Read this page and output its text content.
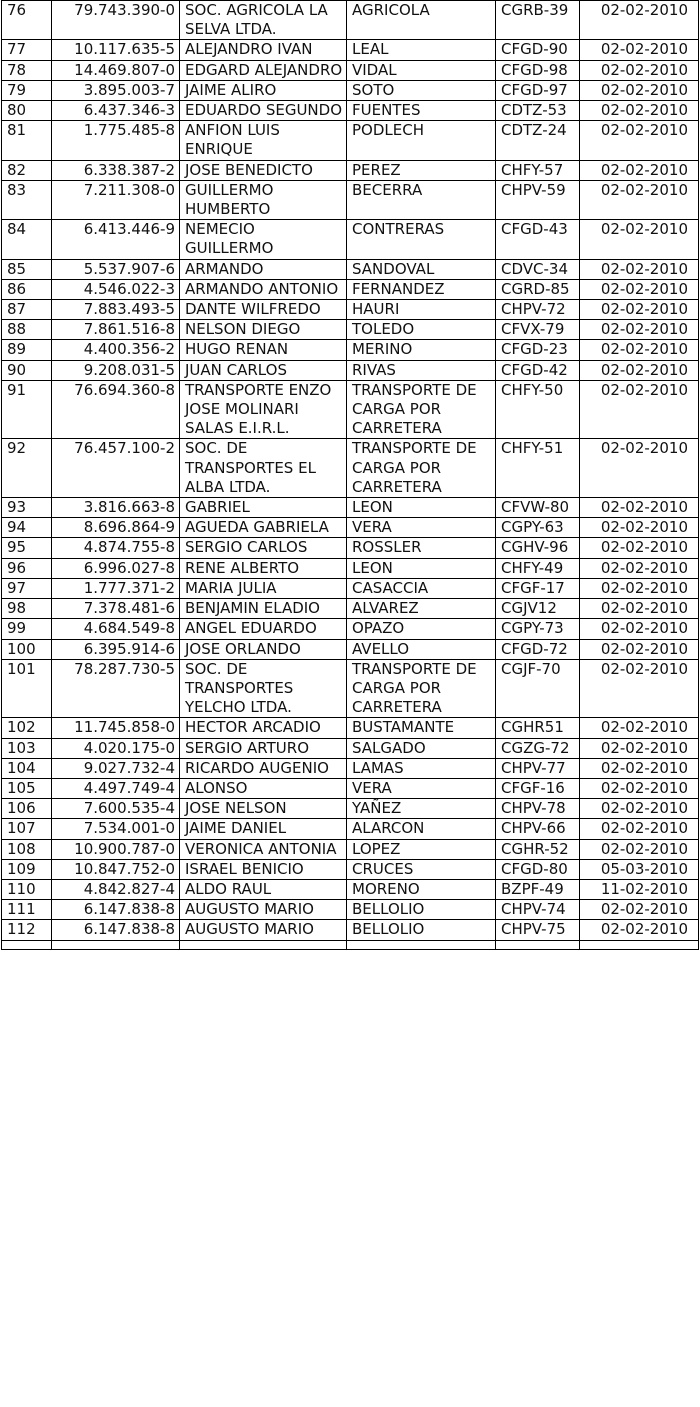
76	79.743.390-0	SOC. AGRICOLA LA SELVA LTDA.	AGRICOLA	CGRB-39	02-02-2010
77	10.117.635-5	ALEJANDRO IVAN	LEAL	CFGD-90	02-02-2010
78	14.469.807-0	EDGARD ALEJANDRO	VIDAL	CFGD-98	02-02-2010
79	3.895.003-7	JAIME ALIRO	SOTO	CFGD-97	02-02-2010
80	6.437.346-3	EDUARDO SEGUNDO	FUENTES	CDTZ-53	02-02-2010
81	1.775.485-8	ANFION LUIS ENRIQUE	PODLECH	CDTZ-24	02-02-2010
82	6.338.387-2	JOSE BENEDICTO	PEREZ	CHFY-57	02-02-2010
83	7.211.308-0	GUILLERMO HUMBERTO	BECERRA	CHPV-59	02-02-2010
84	6.413.446-9	NEMECIO GUILLERMO	CONTRERAS	CFGD-43	02-02-2010
85	5.537.907-6	ARMANDO	SANDOVAL	CDVC-34	02-02-2010
86	4.546.022-3	ARMANDO ANTONIO	FERNANDEZ	CGRD-85	02-02-2010
87	7.883.493-5	DANTE WILFREDO	HAURI	CHPV-72	02-02-2010
88	7.861.516-8	NELSON DIEGO	TOLEDO	CFVX-79	02-02-2010
89	4.400.356-2	HUGO RENAN	MERINO	CFGD-23	02-02-2010
90	9.208.031-5	JUAN CARLOS	RIVAS	CFGD-42	02-02-2010
91	76.694.360-8	TRANSPORTE ENZO JOSE MOLINARI SALAS E.I.R.L.	TRANSPORTE DE CARGA POR CARRETERA	CHFY-50	02-02-2010
92	76.457.100-2	SOC. DE TRANSPORTES EL ALBA LTDA.	TRANSPORTE DE CARGA POR CARRETERA	CHFY-51	02-02-2010
93	3.816.663-8	GABRIEL	LEON	CFVW-80	02-02-2010
94	8.696.864-9	AGUEDA GABRIELA	VERA	CGPY-63	02-02-2010
95	4.874.755-8	SERGIO CARLOS	ROSSLER	CGHV-96	02-02-2010
96	6.996.027-8	RENE ALBERTO	LEON	CHFY-49	02-02-2010
97	1.777.371-2	MARIA JULIA	CASACCIA	CFGF-17	02-02-2010
98	7.378.481-6	BENJAMIN ELADIO	ALVAREZ	CGJV12	02-02-2010
99	4.684.549-8	ANGEL EDUARDO	OPAZO	CGPY-73	02-02-2010
100	6.395.914-6	JOSE ORLANDO	AVELLO	CFGD-72	02-02-2010
101	78.287.730-5	SOC. DE TRANSPORTES YELCHO LTDA.	TRANSPORTE DE CARGA POR CARRETERA	CGJF-70	02-02-2010
102	11.745.858-0	HECTOR ARCADIO	BUSTAMANTE	CGHR51	02-02-2010
103	4.020.175-0	SERGIO ARTURO	SALGADO	CGZG-72	02-02-2010
104	9.027.732-4	RICARDO AUGENIO	LAMAS	CHPV-77	02-02-2010
105	4.497.749-4	ALONSO	VERA	CFGF-16	02-02-2010
106	7.600.535-4	JOSE NELSON	YAÑEZ	CHPV-78	02-02-2010
107	7.534.001-0	JAIME DANIEL	ALARCON	CHPV-66	02-02-2010
108	10.900.787-0	VERONICA ANTONIA	LOPEZ	CGHR-52	02-02-2010
109	10.847.752-0	ISRAEL BENICIO	CRUCES	CFGD-80	05-03-2010
110	4.842.827-4	ALDO RAUL	MORENO	BZPF-49	11-02-2010
111	6.147.838-8	AUGUSTO MARIO	BELLOLIO	CHPV-74	02-02-2010
112	6.147.838-8	AUGUSTO MARIO	BELLOLIO	CHPV-75	02-02-2010
